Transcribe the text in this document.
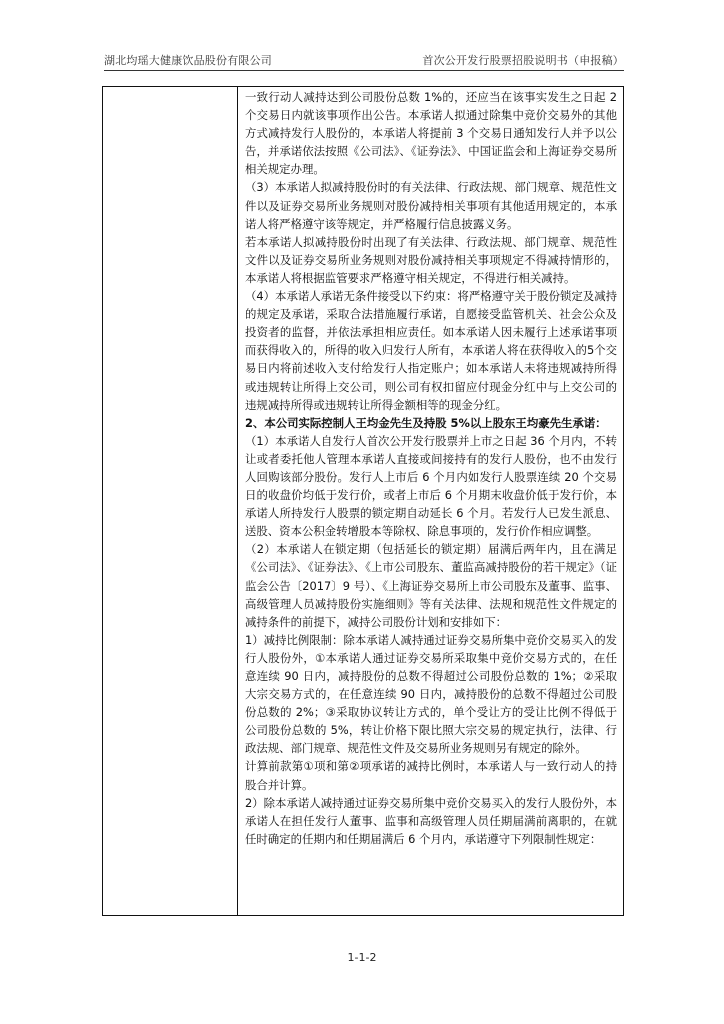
湖北均瑶大健康饮品股份有限公司	首次公开发行股票招股说明书（申报稿）

一致行动人减持达到公司股份总数 1%的，还应当在该事实发生之日起 2 个交易日内就该事项作出公告。本承诺人拟通过除集中竞价交易外的其他方式减持发行人股份的，本承诺人将提前 3 个交易日通知发行人并予以公告，并承诺依法按照《公司法》、《证券法》、中国证监会和上海证券交易所相关规定办理。

（3）本承诺人拟减持股份时的有关法律、行政法规、部门规章、规范性文件以及证券交易所业务规则对股份减持相关事项有其他适用规定的，本承诺人将严格遵守该等规定，并严格履行信息披露义务。

若本承诺人拟减持股份时出现了有关法律、行政法规、部门规章、规范性文件以及证券交易所业务规则对股份减持相关事项规定不得减持情形的，本承诺人将根据监管要求严格遵守相关规定，不得进行相关减持。

（4）本承诺人承诺无条件接受以下约束：将严格遵守关于股份锁定及减持的规定及承诺，采取合法措施履行承诺，自愿接受监管机关、社会公众及投资者的监督，并依法承担相应责任。如本承诺人因未履行上述承诺事项而获得收入的，所得的收入归发行人所有，本承诺人将在获得收入的5个交易日内将前述收入支付给发行人指定账户；如本承诺人未将违规减持所得或违规转让所得上交公司，则公司有权扣留应付现金分红中与上交公司的违规减持所得或违规转让所得金额相等的现金分红。

2、本公司实际控制人王均金先生及持股 5%以上股东王均豪先生承诺：

（1）本承诺人自发行人首次公开发行股票并上市之日起 36 个月内，不转让或者委托他人管理本承诺人直接或间接持有的发行人股份，也不由发行人回购该部分股份。发行人上市后 6 个月内如发行人股票连续 20 个交易日的收盘价均低于发行价，或者上市后 6 个月期末收盘价低于发行价，本承诺人所持发行人股票的锁定期自动延长 6 个月。若发行人已发生派息、送股、资本公积金转增股本等除权、除息事项的，发行价作相应调整。

（2）本承诺人在锁定期（包括延长的锁定期）届满后两年内，且在满足《公司法》、《证券法》、《上市公司股东、董监高减持股份的若干规定》（证监会公告〔2017〕9 号）、《上海证券交易所上市公司股东及董事、监事、高级管理人员减持股份实施细则》等有关法律、法规和规范性文件规定的减持条件的前提下，减持公司股份计划和安排如下：

1）减持比例限制：除本承诺人减持通过证券交易所集中竞价交易买入的发行人股份外，①本承诺人通过证券交易所采取集中竞价交易方式的，在任意连续 90 日内，减持股份的总数不得超过公司股份总数的 1%；②采取大宗交易方式的，在任意连续 90 日内，减持股份的总数不得超过公司股份总数的 2%；③采取协议转让方式的，单个受让方的受让比例不得低于公司股份总数的 5%，转让价格下限比照大宗交易的规定执行，法律、行政法规、部门规章、规范性文件及交易所业务规则另有规定的除外。

计算前款第①项和第②项承诺的减持比例时，本承诺人与一致行动人的持股合并计算。

2）除本承诺人减持通过证券交易所集中竞价交易买入的发行人股份外，本承诺人在担任发行人董事、监事和高级管理人员任期届满前离职的，在就任时确定的任期内和任期届满后 6 个月内，承诺遵守下列限制性规定：

1-1-2
